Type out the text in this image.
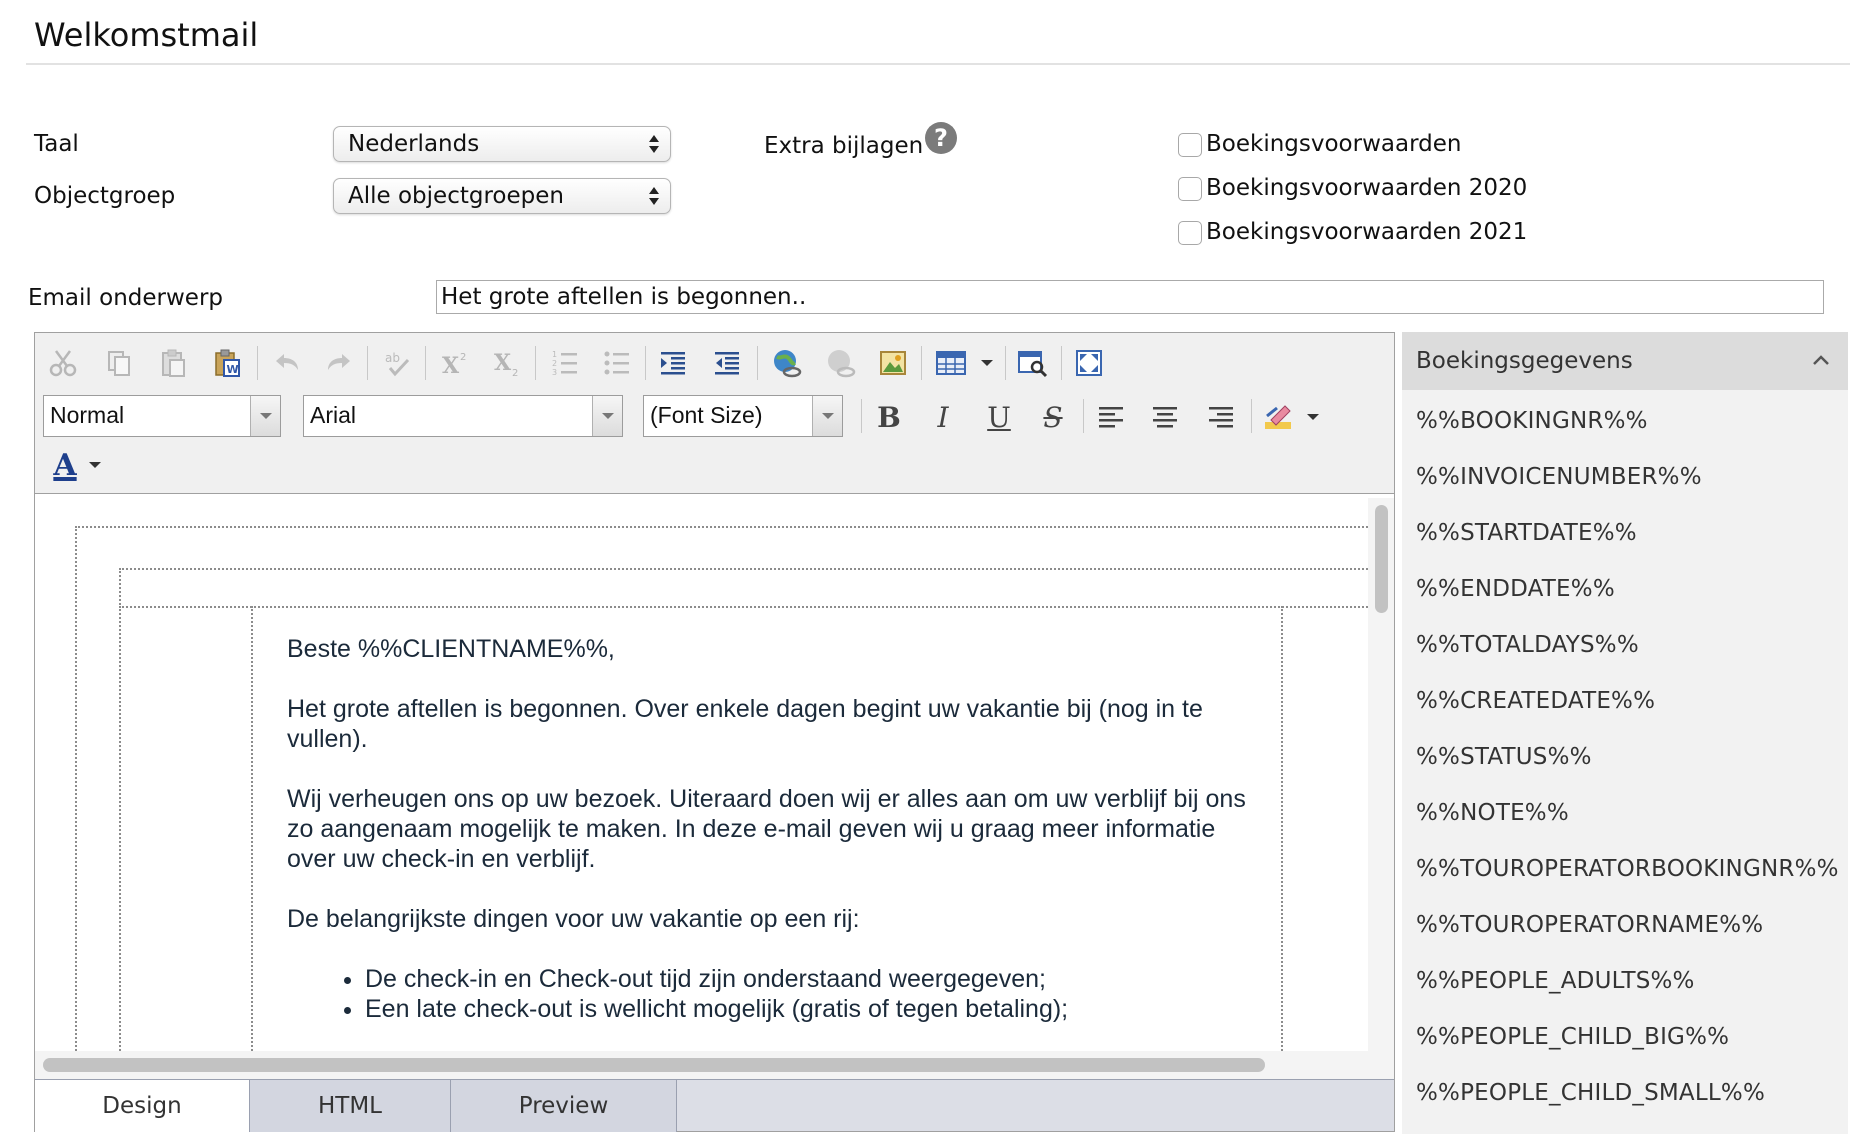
Welkomstmail
Taal	Nederlands
Objectgroep	Alle objectgroepen
Extra bijlagen ?	Boekingsvoorwaarden
Boekingsvoorwaarden 2020
Boekingsvoorwaarden 2021
Email onderwerp	Het grote aftellen is begonnen..
W
ab X 2 X 2
1
2
3
Normal	Arial	(Font Size)	B	I	U	S
A

Beste %%CLIENTNAME%%,

Het grote aftellen is begonnen. Over enkele dagen begint uw vakantie bij (nog in te vullen).

Wij verheugen ons op uw bezoek. Uiteraard doen wij er alles aan om uw verblijf bij ons zo aangenaam mogelijk te maken. In deze e-mail geven wij u graag meer informatie over uw check-in en verblijf.

De belangrijkste dingen voor uw vakantie op een rij:

• De check-in en Check-out tijd zijn onderstaand weergegeven;
• Een late check-out is wellicht mogelijk (gratis of tegen betaling);
Design	HTML	Preview
Boekingsgegevens
%%BOOKINGNR%%
%%INVOICENUMBER%%
%%STARTDATE%%
%%ENDDATE%%
%%TOTALDAYS%%
%%CREATEDATE%%
%%STATUS%%
%%NOTE%%
%%TOUROPERATORBOOKINGNR%%
%%TOUROPERATORNAME%%
%%PEOPLE_ADULTS%%
%%PEOPLE_CHILD_BIG%%
%%PEOPLE_CHILD_SMALL%%
